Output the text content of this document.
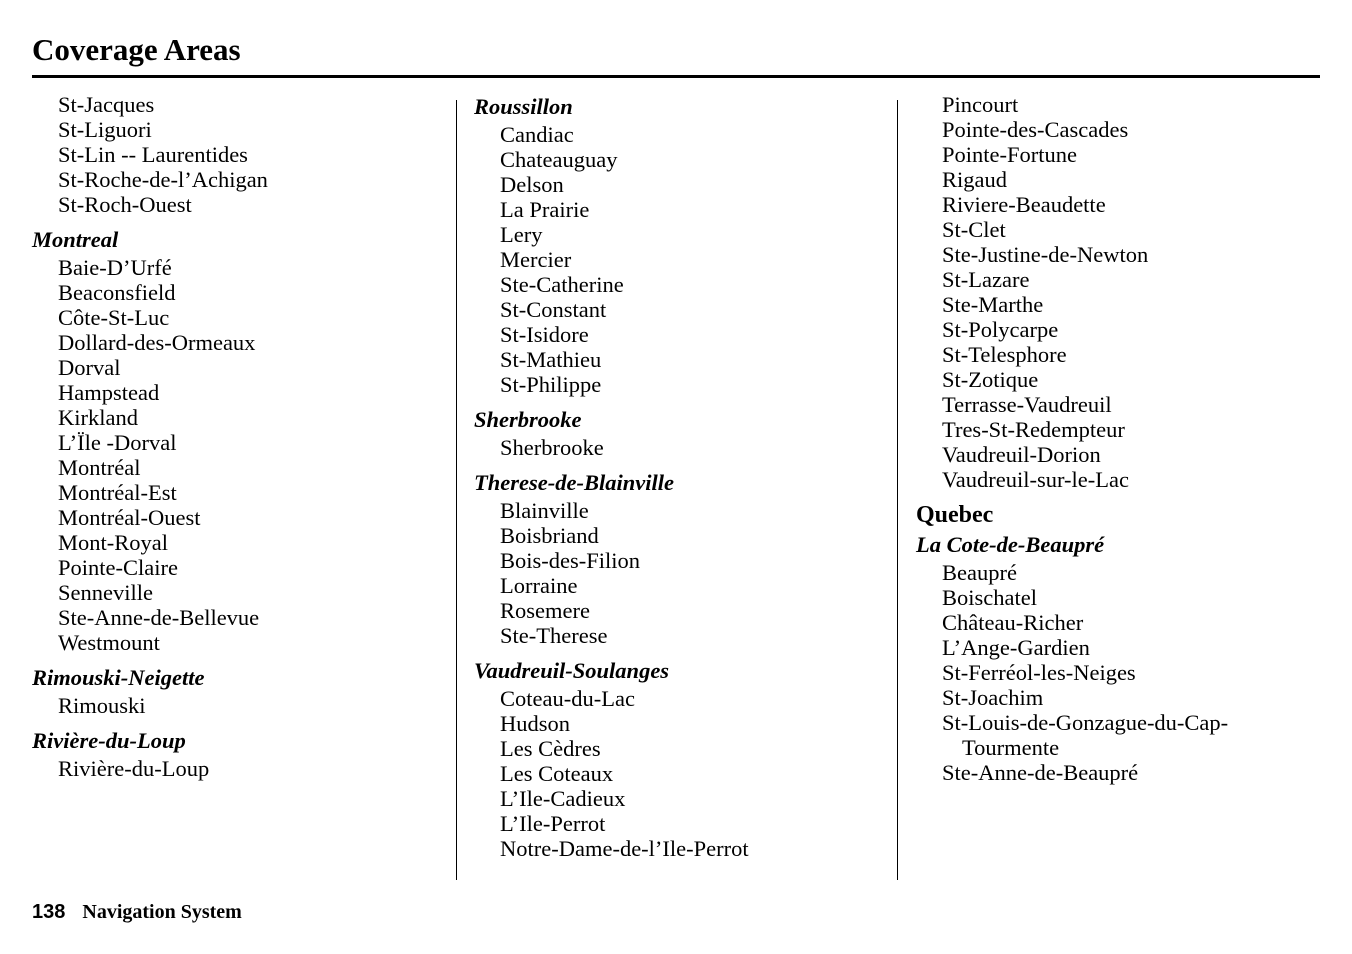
Coverage Areas
St-Jacques
St-Liguori
St-Lin -- Laurentides
St-Roche-de-l’Achigan
St-Roch-Ouest
Montreal
Baie-D’Urfé
Beaconsfield
Côte-St-Luc
Dollard-des-Ormeaux
Dorval
Hampstead
Kirkland
L’Ïle -Dorval
Montréal
Montréal-Est
Montréal-Ouest
Mont-Royal
Pointe-Claire
Senneville
Ste-Anne-de-Bellevue
Westmount
Rimouski-Neigette
Rimouski
Rivière-du-Loup
Rivière-du-Loup
Roussillon
Candiac
Chateauguay
Delson
La Prairie
Lery
Mercier
Ste-Catherine
St-Constant
St-Isidore
St-Mathieu
St-Philippe
Sherbrooke
Sherbrooke
Therese-de-Blainville
Blainville
Boisbriand
Bois-des-Filion
Lorraine
Rosemere
Ste-Therese
Vaudreuil-Soulanges
Coteau-du-Lac
Hudson
Les Cèdres
Les Coteaux
L’Ile-Cadieux
L’Ile-Perrot
Notre-Dame-de-l’Ile-Perrot
Pincourt
Pointe-des-Cascades
Pointe-Fortune
Rigaud
Riviere-Beaudette
St-Clet
Ste-Justine-de-Newton
St-Lazare
Ste-Marthe
St-Polycarpe
St-Telesphore
St-Zotique
Terrasse-Vaudreuil
Tres-St-Redempteur
Vaudreuil-Dorion
Vaudreuil-sur-le-Lac
Quebec
La Cote-de-Beaupré
Beaupré
Boischatel
Château-Richer
L’Ange-Gardien
St-Ferréol-les-Neiges
St-Joachim
St-Louis-de-Gonzague-du-Cap-
Tourmente
Ste-Anne-de-Beaupré
138 Navigation System
